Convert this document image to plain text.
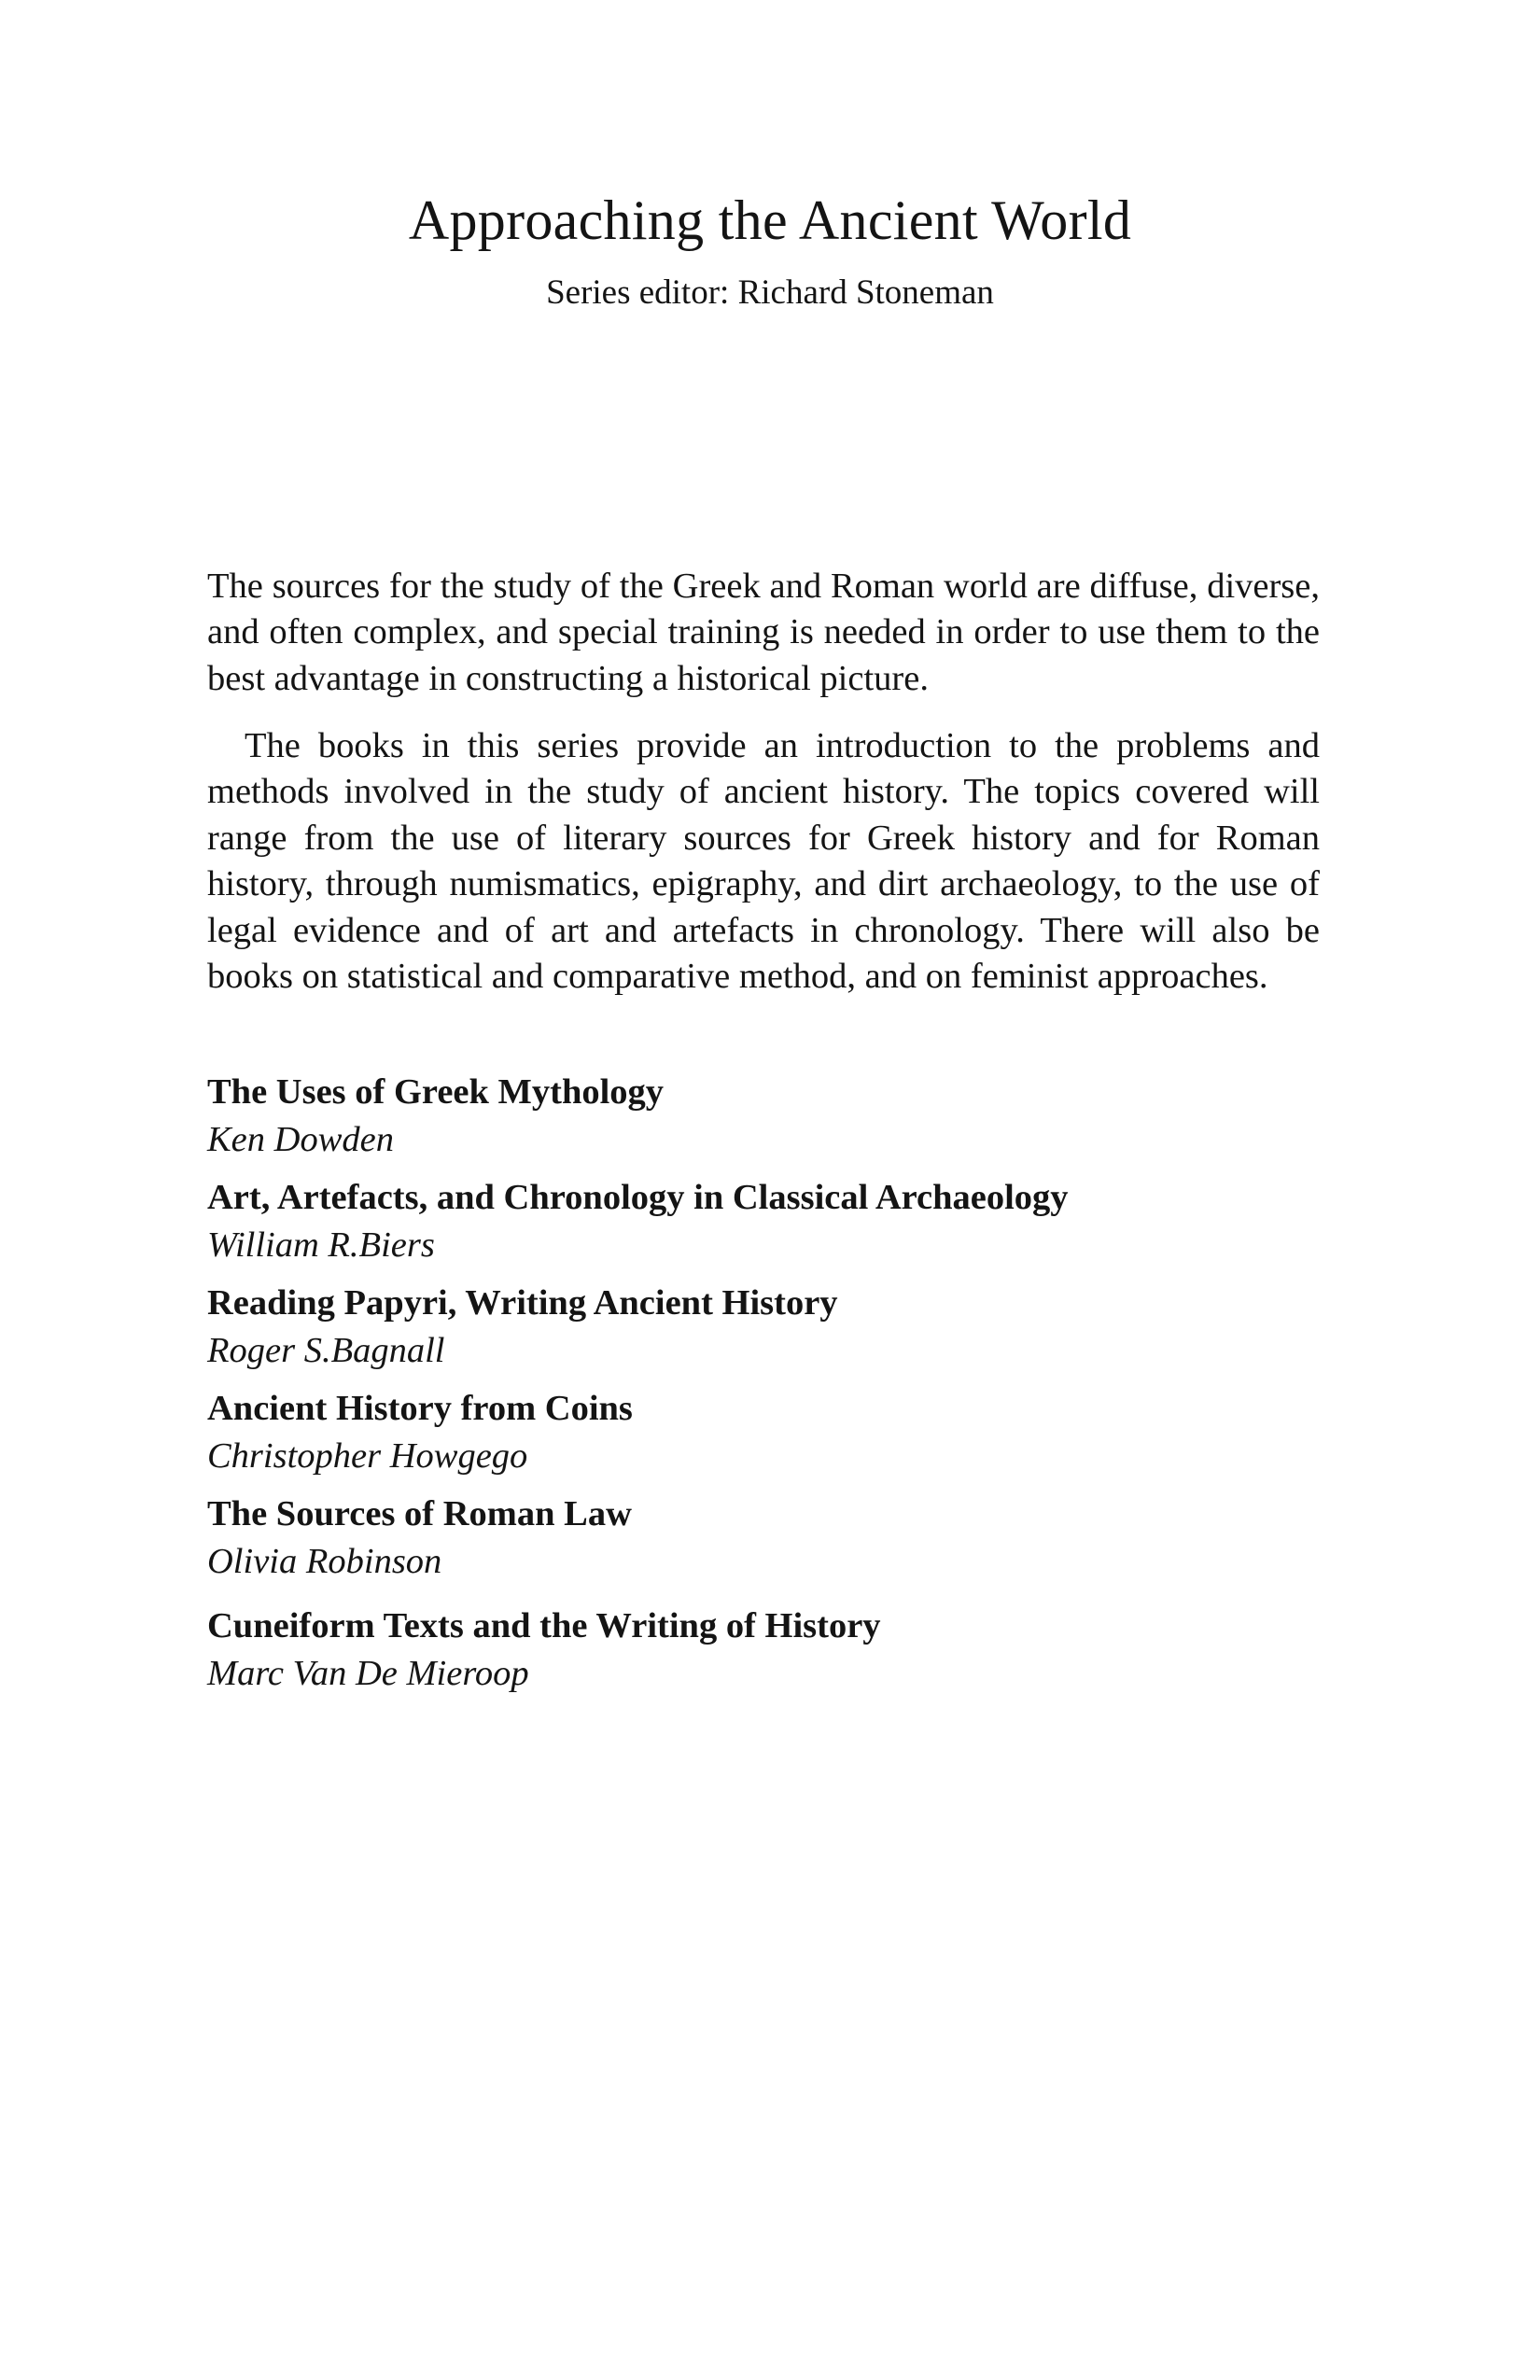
Approaching the Ancient World

Series editor: Richard Stoneman

The sources for the study of the Greek and Roman world are diffuse, diverse, and often complex, and special training is needed in order to use them to the best advantage in constructing a historical picture.

The books in this series provide an introduction to the problems and methods involved in the study of ancient history. The topics covered will range from the use of literary sources for Greek history and for Roman history, through numismatics, epigraphy, and dirt archaeology, to the use of legal evidence and of art and artefacts in chronology. There will also be books on statistical and comparative method, and on feminist approaches.

The Uses of Greek Mythology
Ken Dowden
Art, Artefacts, and Chronology in Classical Archaeology
William R.Biers
Reading Papyri, Writing Ancient History
Roger S.Bagnall
Ancient History from Coins
Christopher Howgego
The Sources of Roman Law
Olivia Robinson
Cuneiform Texts and the Writing of History
Marc Van De Mieroop
